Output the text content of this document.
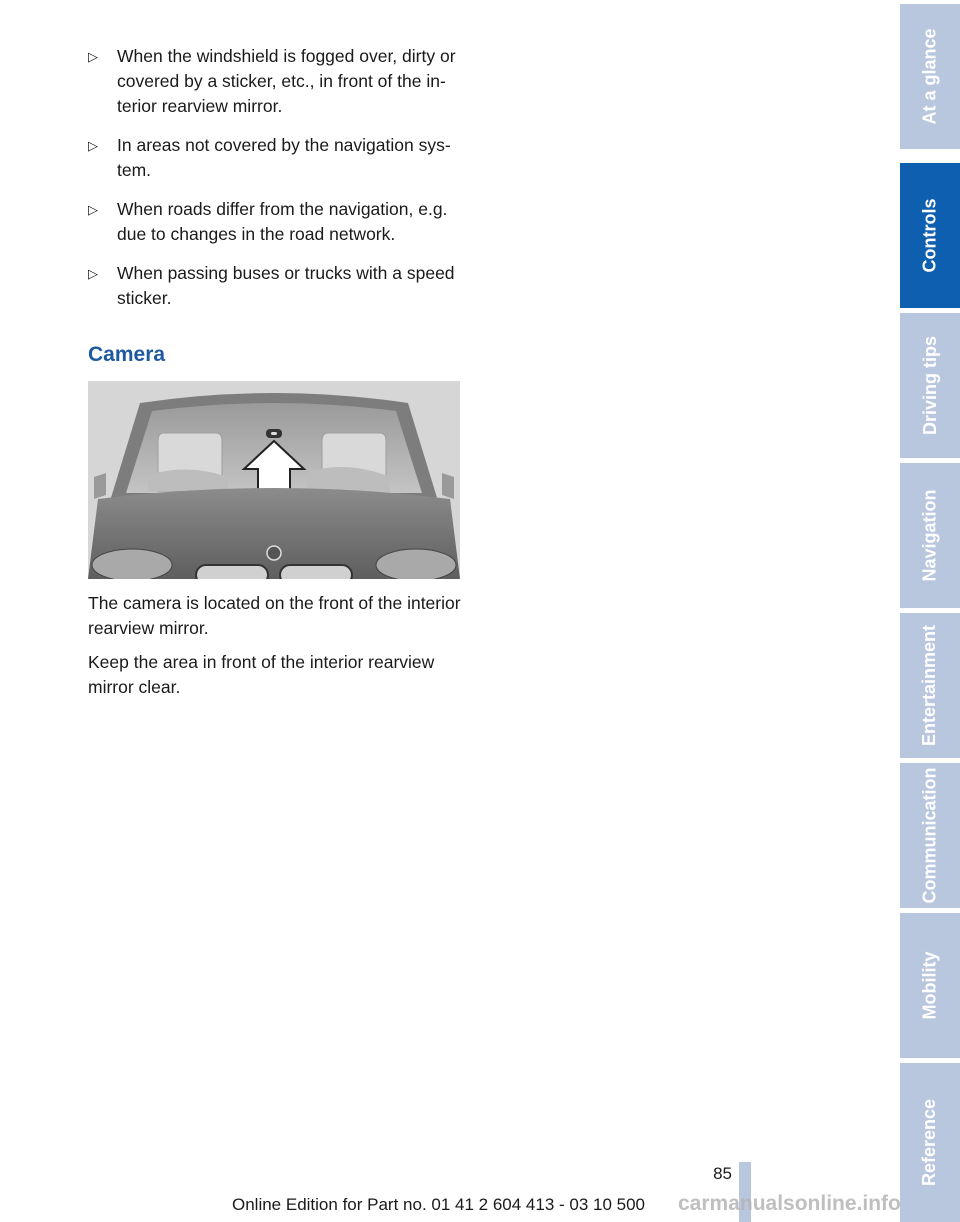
▷ When the windshield is fogged over, dirty or covered by a sticker, etc., in front of the interior rearview mirror.
▷ In areas not covered by the navigation system.
▷ When roads differ from the navigation, e.g. due to changes in the road network.
▷ When passing buses or trucks with a speed sticker.
Camera

The camera is located on the front of the interior rearview mirror.

Keep the area in front of the interior rearview mirror clear.

At a glance
Controls
Driving tips
Navigation
Entertainment
Communication
Mobility
Reference
85
Online Edition for Part no. 01 41 2 604 413 - 03 10 500 carmanualsonline.info
